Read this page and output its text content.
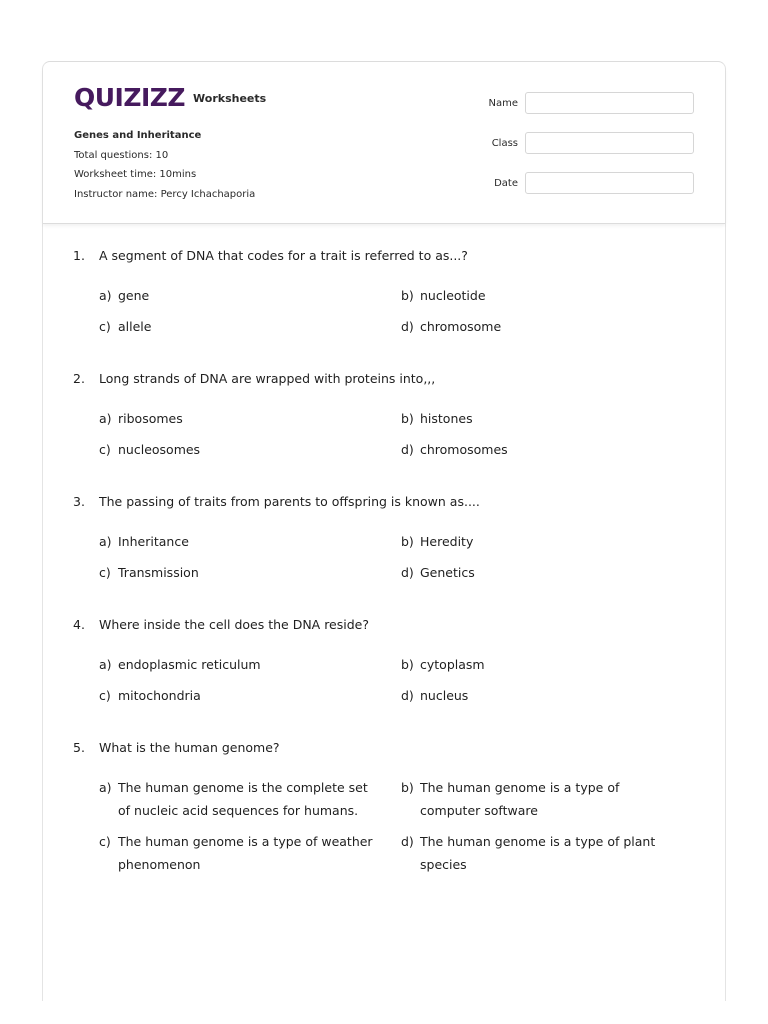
QUIZIZZ Worksheets
Genes and Inheritance
Total questions: 10
Worksheet time: 10mins
Instructor name: Percy Ichachaporia
Name
Class
Date
1.	A segment of DNA that codes for a trait is referred to as...?
a) gene	b) nucleotide
c) allele	d) chromosome
2.	Long strands of DNA are wrapped with proteins into,,,
a) ribosomes	b) histones
c) nucleosomes	d) chromosomes
3.	The passing of traits from parents to offspring is known as....
a) Inheritance	b) Heredity
c) Transmission	d) Genetics
4.	Where inside the cell does the DNA reside?
a) endoplasmic reticulum	b) cytoplasm
c) mitochondria	d) nucleus
5.	What is the human genome?
a) The human genome is the complete set of nucleic acid sequences for humans.
b) The human genome is a type of computer software
c) The human genome is a type of weather phenomenon
d) The human genome is a type of plant species
